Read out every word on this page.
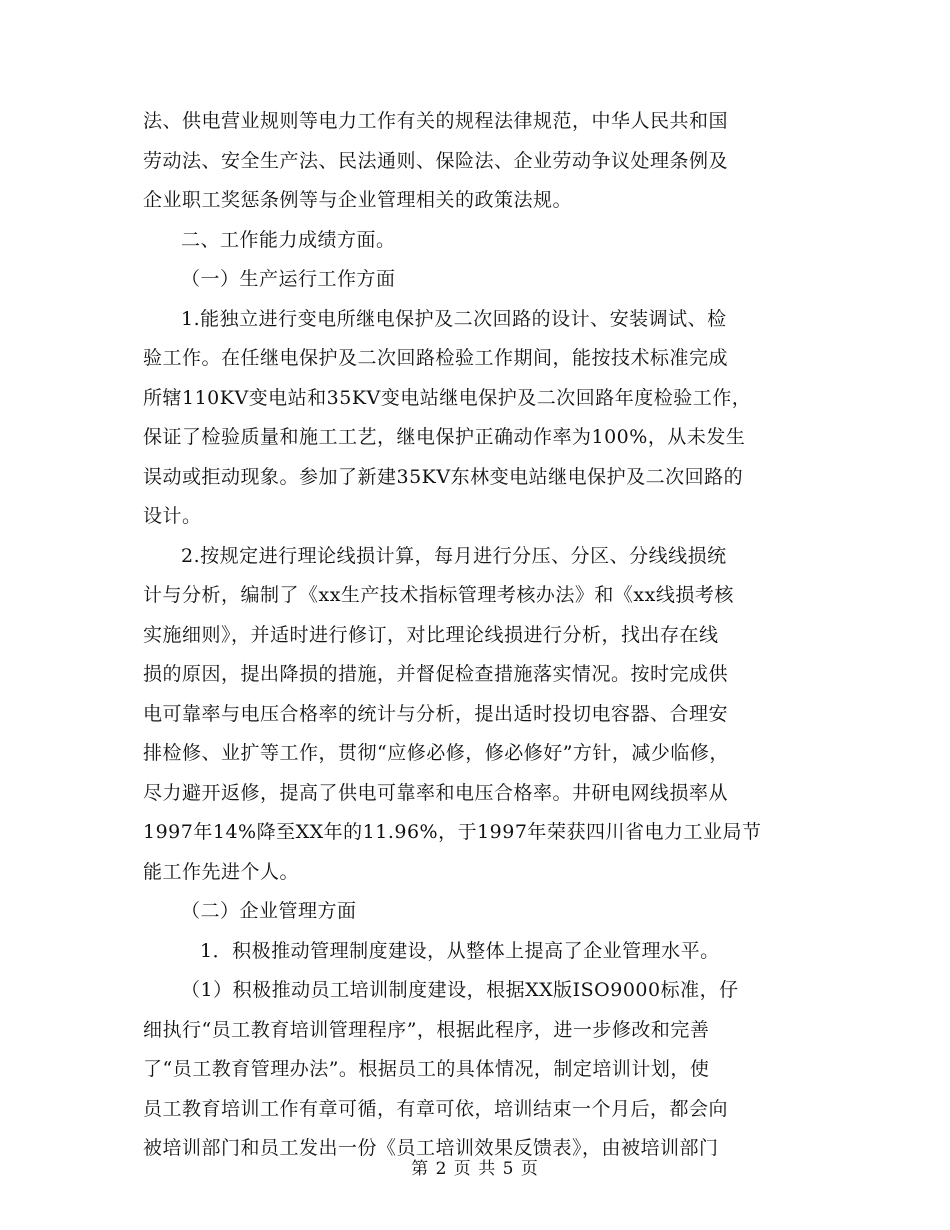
法、供电营业规则等电力工作有关的规程法律规范，中华人民共和国
劳动法、安全生产法、民法通则、保险法、企业劳动争议处理条例及
企业职工奖惩条例等与企业管理相关的政策法规。
二、工作能力成绩方面。
（一）生产运行工作方面
1.能独立进行变电所继电保护及二次回路的设计、安装调试、检
验工作。在任继电保护及二次回路检验工作期间，能按技术标准完成
所辖110KV变电站和35KV变电站继电保护及二次回路年度检验工作，
保证了检验质量和施工工艺，继电保护正确动作率为100%，从未发生
误动或拒动现象。参加了新建35KV东林变电站继电保护及二次回路的
设计。
2.按规定进行理论线损计算，每月进行分压、分区、分线线损统
计与分析，编制了《xx生产技术指标管理考核办法》和《xx线损考核
实施细则》，并适时进行修订，对比理论线损进行分析，找出存在线
损的原因，提出降损的措施，并督促检查措施落实情况。按时完成供
电可靠率与电压合格率的统计与分析，提出适时投切电容器、合理安
排检修、业扩等工作，贯彻“应修必修，修必修好”方针，减少临修，
尽力避开返修，提高了供电可靠率和电压合格率。井研电网线损率从
1997年14%降至XX年的11.96%，于1997年荣获四川省电力工业局节
能工作先进个人。
（二）企业管理方面
1．积极推动管理制度建设，从整体上提高了企业管理水平。
（1）积极推动员工培训制度建设，根据XX版ISO9000标准，仔
细执行“员工教育培训管理程序”，根据此程序，进一步修改和完善
了“员工教育管理办法”。根据员工的具体情况，制定培训计划，使
员工教育培训工作有章可循，有章可依，培训结束一个月后，都会向
被培训部门和员工发出一份《员工培训效果反馈表》，由被培训部门
第 2 页 共 5 页
